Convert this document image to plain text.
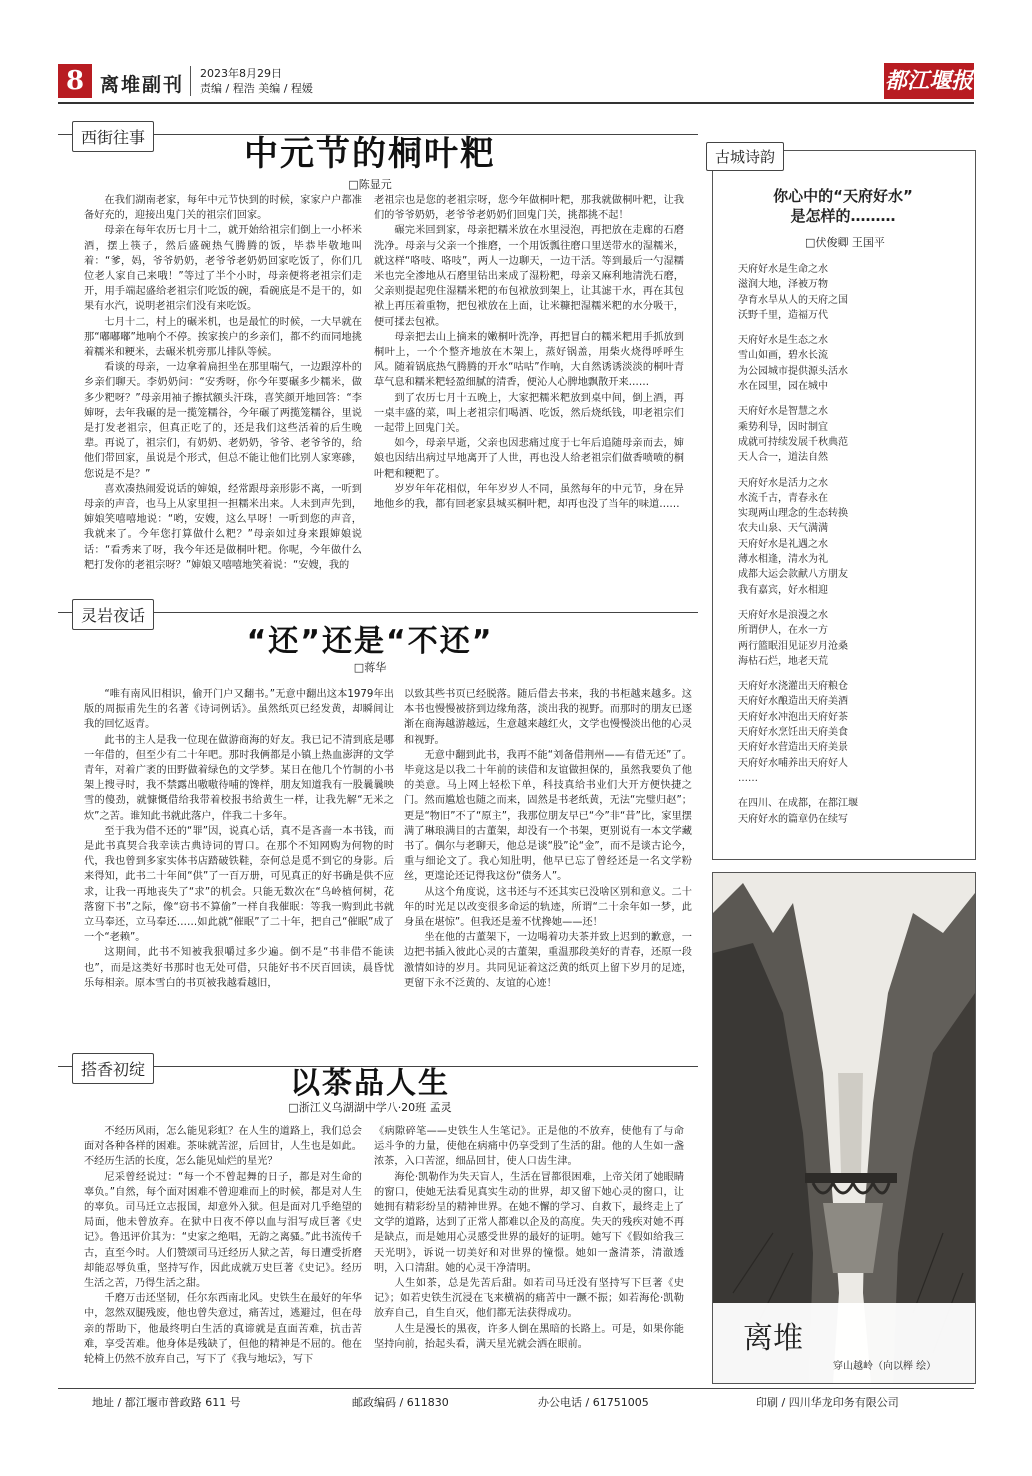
8 离堆副刊
2023年8月29日
责编 / 程浩 美编 / 程媛	都江堰报
西街往事	中元节的桐叶粑
□陈显元

在我们湖南老家，每年中元节快到的时候，家家户户都准备好充的，迎接出鬼门关的祖宗们回家。

母亲在每年农历七月十二，就开始给祖宗们倒上一小杯米酒，摆上筷子，然后盛碗热气腾腾的饭，毕恭毕敬地叫着：“爹，妈，爷爷奶奶，老爷爷老奶奶回家吃饭了，你们几位老人家自己来哦！”等过了半个小时，母亲便将老祖宗们走开，用手端起盛给老祖宗们吃饭的碗，看碗底是不是干的，如果有水汽，说明老祖宗们没有来吃饭。

七月十二，村上的碾米机，也是最忙的时候，一大早就在那“嘟嘟嘟”地响个不停。挨家挨户的乡亲们，都不约而同地挑着糯米和粳米，去碾米机旁那儿排队等候。

看谈的母亲，一边拿着扁担坐在那里喘气，一边跟淳朴的乡亲们聊天。李奶奶问：“安秀呀，你今年要碾多少糯米，做多少粑呀？”母亲用袖子擦拭额头汗珠，喜笑颜开地回答：“李婶呀，去年我碾的是一揽笼糯谷，今年碾了两揽笼糯谷，里说是打发老祖宗，但真正吃了的，还是我们这些活着的后生晚辈。再说了，祖宗们，有奶奶、老奶奶，爷爷、老爷爷的，给他们带回家，虽说是个形式，但总不能让他们比别人家寒碜，您说是不是？”

喜欢凑热闹爱说话的婶娘，经常跟母亲形影不离，一听到母亲的声音，也马上从家里担一担糯米出来。人未到声先到，婶娘笑嘻嘻地说：“哟，安嫂，这么早呀！一听到您的声音，我就来了。今年您打算做什么粑？”母亲如过身来跟婶娘说话：“看秀来了呀，我今年还是做桐叶粑。你呢，今年做什么粑打发你的老祖宗呀？”婶娘又嘻嘻地笑着说：“安嫂，我的

老祖宗也是您的老祖宗呀，您今年做桐叶粑，那我就做桐叶粑，让我们的爷爷奶奶，老爷爷老奶奶们回鬼门关，挑都挑不起！

碾完米回到家，母亲把糯米放在水里浸泡，再把放在走廊的石磨洗净。母亲与父亲一个推磨，一个用饭瓢往磨口里送带水的湿糯米，就这样“咯吱、咯吱”，两人一边聊天，一边干活。等到最后一勺湿糯米也完全渗地从石磨里钻出来成了湿粉粑，母亲又麻利地清洗石磨，父亲则提起兜住湿糯米粑的布包袱放到架上，让其滤干水，再在其包袱上再压着重物，把包袱放在上面，让米糠把湿糯米粑的水分吸干，便可揉去包袱。

母亲把去山上摘来的嫩桐叶洗净，再把冒白的糯米粑用手抓放到桐叶上，一个个整齐地放在木架上，蒸好锅盖，用柴火烧得呼呼生风。随着锅底热气腾腾的开水“咕咕”作响，大自然诱诱淡淡的桐叶青草气息和糯米粑轻盈细腻的清香，便沁人心脾地飘散开来……

到了农历七月十五晚上，大家把糯米粑放到桌中间，倒上酒，再一桌丰盛的菜，叫上老祖宗们喝酒、吃饭，然后烧纸钱，叩老祖宗们一起带上回鬼门关。

如今，母亲早逝，父亲也因悲痛过度于七年后追随母亲而去，婶娘也因结出病过早地离开了人世，再也没人给老祖宗们做香喷喷的桐叶粑和粳粑了。

岁岁年年花相似，年年岁岁人不同，虽然每年的中元节，身在异地他乡的我，都有回老家县城买桐叶粑，却再也没了当年的味道……

灵岩夜话
“还”还是“不还”
□蒋华

“唯有南风旧相识，偷开门户又翻书。”无意中翻出这本1979年出版的周振甫先生的名著《诗词例话》。虽然纸页已经发黄，却瞬间让我的回忆返青。

此书的主人是我一位现在做游商海的好友。我已记不清到底是哪一年借的，但至少有二十年吧。那时我俩都是小镇上热血澎湃的文学青年，对着广袤的田野做着绿色的文学梦。某日在他几个竹制的小书架上搜寻时，我不禁露出嗷嗷待哺的馋样，朋友知道我有一股曩曩映雪的傻劲，就慷慨借给我带着校报书给黄生一样，让我先解“无米之炊”之苦。谁知此书就此落户，伴我二十多年。

至于我为借不还的“罪”因，说真心话，真不是吝啬一本书钱，而是此书真契合我幸读古典诗词的胃口。在那个不知网购为何物的时代，我也曾到多家实体书店踏破铁鞋，奈何总是觅不到它的身影。后来得知，此书二十年间“供”了一百万册，可见真正的好书确是供不应求，让我一再地丧失了“求”的机会。只能无数次在“乌岭植何树，花落窗下书”之际，像“窃书不算偷”一样自我催眠：等我一购到此书就立马奉还，立马奉还……如此就“催眠”了二十年，把自己“催眠”成了一个“老赖”。

这期间，此书不知被我狠嚼过多少遍。倒不是“书非借不能读也”，而是这类好书那时也无处可借，只能好书不厌百回读，晨昏忧乐每相亲。原本雪白的书页被我越看越旧，

以致其些书页已经脱落。随后借去书来，我的书柜越来越多。这本书也慢慢被挤到边缘角落，淡出我的视野。而那时的朋友已逐渐在商海越游越远，生意越来越红火，文学也慢慢淡出他的心灵和视野。

无意中翻到此书，我再不能“刘备借荆州——有借无还”了。毕竟这是以我二十年前的读借和友谊做担保的，虽然我要负了他的美意。马上网上轻松下单，科技真给书业们大开方便快捷之门。然而尴尬也随之而来，固然是书老纸黄，无法“完璧归赵”；更是“物旧”不了“原主”，我那位朋友早已“今”非“昔”比，家里摆满了琳琅满目的古董架，却没有一个书架，更别说有一本文学藏书了。偶尔与老聊天，他总是谈“股”论“金”，而不是谈古论今，重与细论文了。我心知肚明，他早已忘了曾经还是一名文学粉丝，更遑论还记得我这份“债务人”。

从这个角度说，这书还与不还其实已没啥区别和意义。二十年的时光足以改变很多命运的轨迹，所谓“二十余年如一梦，此身虽在堪惊”。但我还是羞不忧搀她——还！

坐在他的古董架下，一边喝着功夫茶并致上迟到的歉意，一边把书插入彼此心灵的古董架，重温那段美好的青春，还原一段激情如诗的岁月。共同见证着这泛黄的纸页上留下岁月的足迹，更留下永不泛黄的、友谊的心迹！

搭香初绽	以茶品人生
□浙江义乌湖湖中学八·20班 孟灵

不经历风雨，怎么能见彩虹？在人生的道路上，我们总会面对各种各样的困难。茶味就苦涩，后回甘，人生也是如此。不经历生活的长度，怎么能见灿烂的星光？

尼采曾经说过：“每一个不曾起舞的日子，都是对生命的辜负。”自然，每个面对困难不曾迎难而上的时候，都是对人生的辜负。司马迁立志报国，却意外入狱。但是面对几乎绝望的局面，他未曾放弃。在狱中日夜不停以血与泪写成巨著《史记》。鲁迅评价其为：“史家之绝唱，无韵之离骚。”此书流传千古，直至今时。人们赞颂司马迁经历人狱之苦，每日遭受折磨却能忍辱负重，坚持写作，因此成就万史巨著《史记》。经历生活之苦，乃得生活之甜。

千磨万击还坚韧，任尔东西南北风。史铁生在最好的年华中，忽然双腿残废，他也曾失意过，痛苦过，逃避过，但在母亲的帮助下，他最终明白生活的真谛就是直面苦难，抗击苦难，享受苦难。他身体是残缺了，但他的精神是不屈的。他在轮椅上仍然不放弃自己，写下了《我与地坛》，写下

《病隙碎笔——史铁生人生笔记》。正是他的不放弃，使他有了与命运斗争的力量，使他在病痛中仍享受到了生活的甜。他的人生如一盏浓茶，入口苦涩，细品回甘，使人口齿生津。

海伦·凯勒作为失天盲人，生活在冒都很困难，上帝关闭了她眼睛的窗口，使她无法看见真实生动的世界，却又留下她心灵的窗口，让她拥有精彩纷呈的精神世界。在她不懈的学习、自救下，最终走上了文学的道路，达到了正常人都难以企及的高度。失天的残疾对她不再是缺点，而是她用心灵感受世界的最好的证明。她写下《假如给我三天光明》，诉说一切美好和对世界的憧憬。她如一盏清茶，清澈透明，入口清甜。她的心灵干净清明。

人生如茶，总是先苦后甜。如若司马迁没有坚持写下巨著《史记》；如若史铁生沉浸在飞来横祸的痛苦中一蹶不振；如若海伦·凯勒放弃自己，自生自灭，他们都无法获得成功。

人生是漫长的黑夜，许多人倒在黑暗的长路上。可是，如果你能坚持向前，抬起头看，满天星光就会洒在眼前。

古城诗韵
你心中的“天府好水”
是怎样的………
□伏俊卿 王国平
天府好水是生命之水
滋润大地，泽被万物
孕育水旱从人的天府之国
沃野千里，造福万代
天府好水是生态之水
雪山如画，碧水长流
为公园城市提供源头活水
水在园里，园在城中
天府好水是智慧之水
乘势利导，因时制宜
成就可持续发展千秋典范
天人合一，道法自然
天府好水是活力之水
水流千古，青春永在
实现两山理念的生态转换
农夫山泉、天气满满
天府好水是礼遇之水
薄水相逢，清水为礼
成都大运会款献八方朋友
我有嘉宾，好水相迎
天府好水是浪漫之水
所谓伊人，在水一方
两行篮眠泪见证岁月沧桑
海枯石烂，地老天荒
天府好水浇灌出天府粮仓
天府好水酿造出天府美酒
天府好水冲泡出天府好茶
天府好水烹饪出天府美食
天府好水营造出天府美景
天府好水哺养出天府好人
……
在四川、在成都，在都江堰
天府好水的篇章仍在续写
离堆
穿山越岭（向以榉 绘）
地址 / 都江堰市普政路 611 号	邮政编码 / 611830	办公电话 / 61751005	印刷 / 四川华龙印务有限公司
